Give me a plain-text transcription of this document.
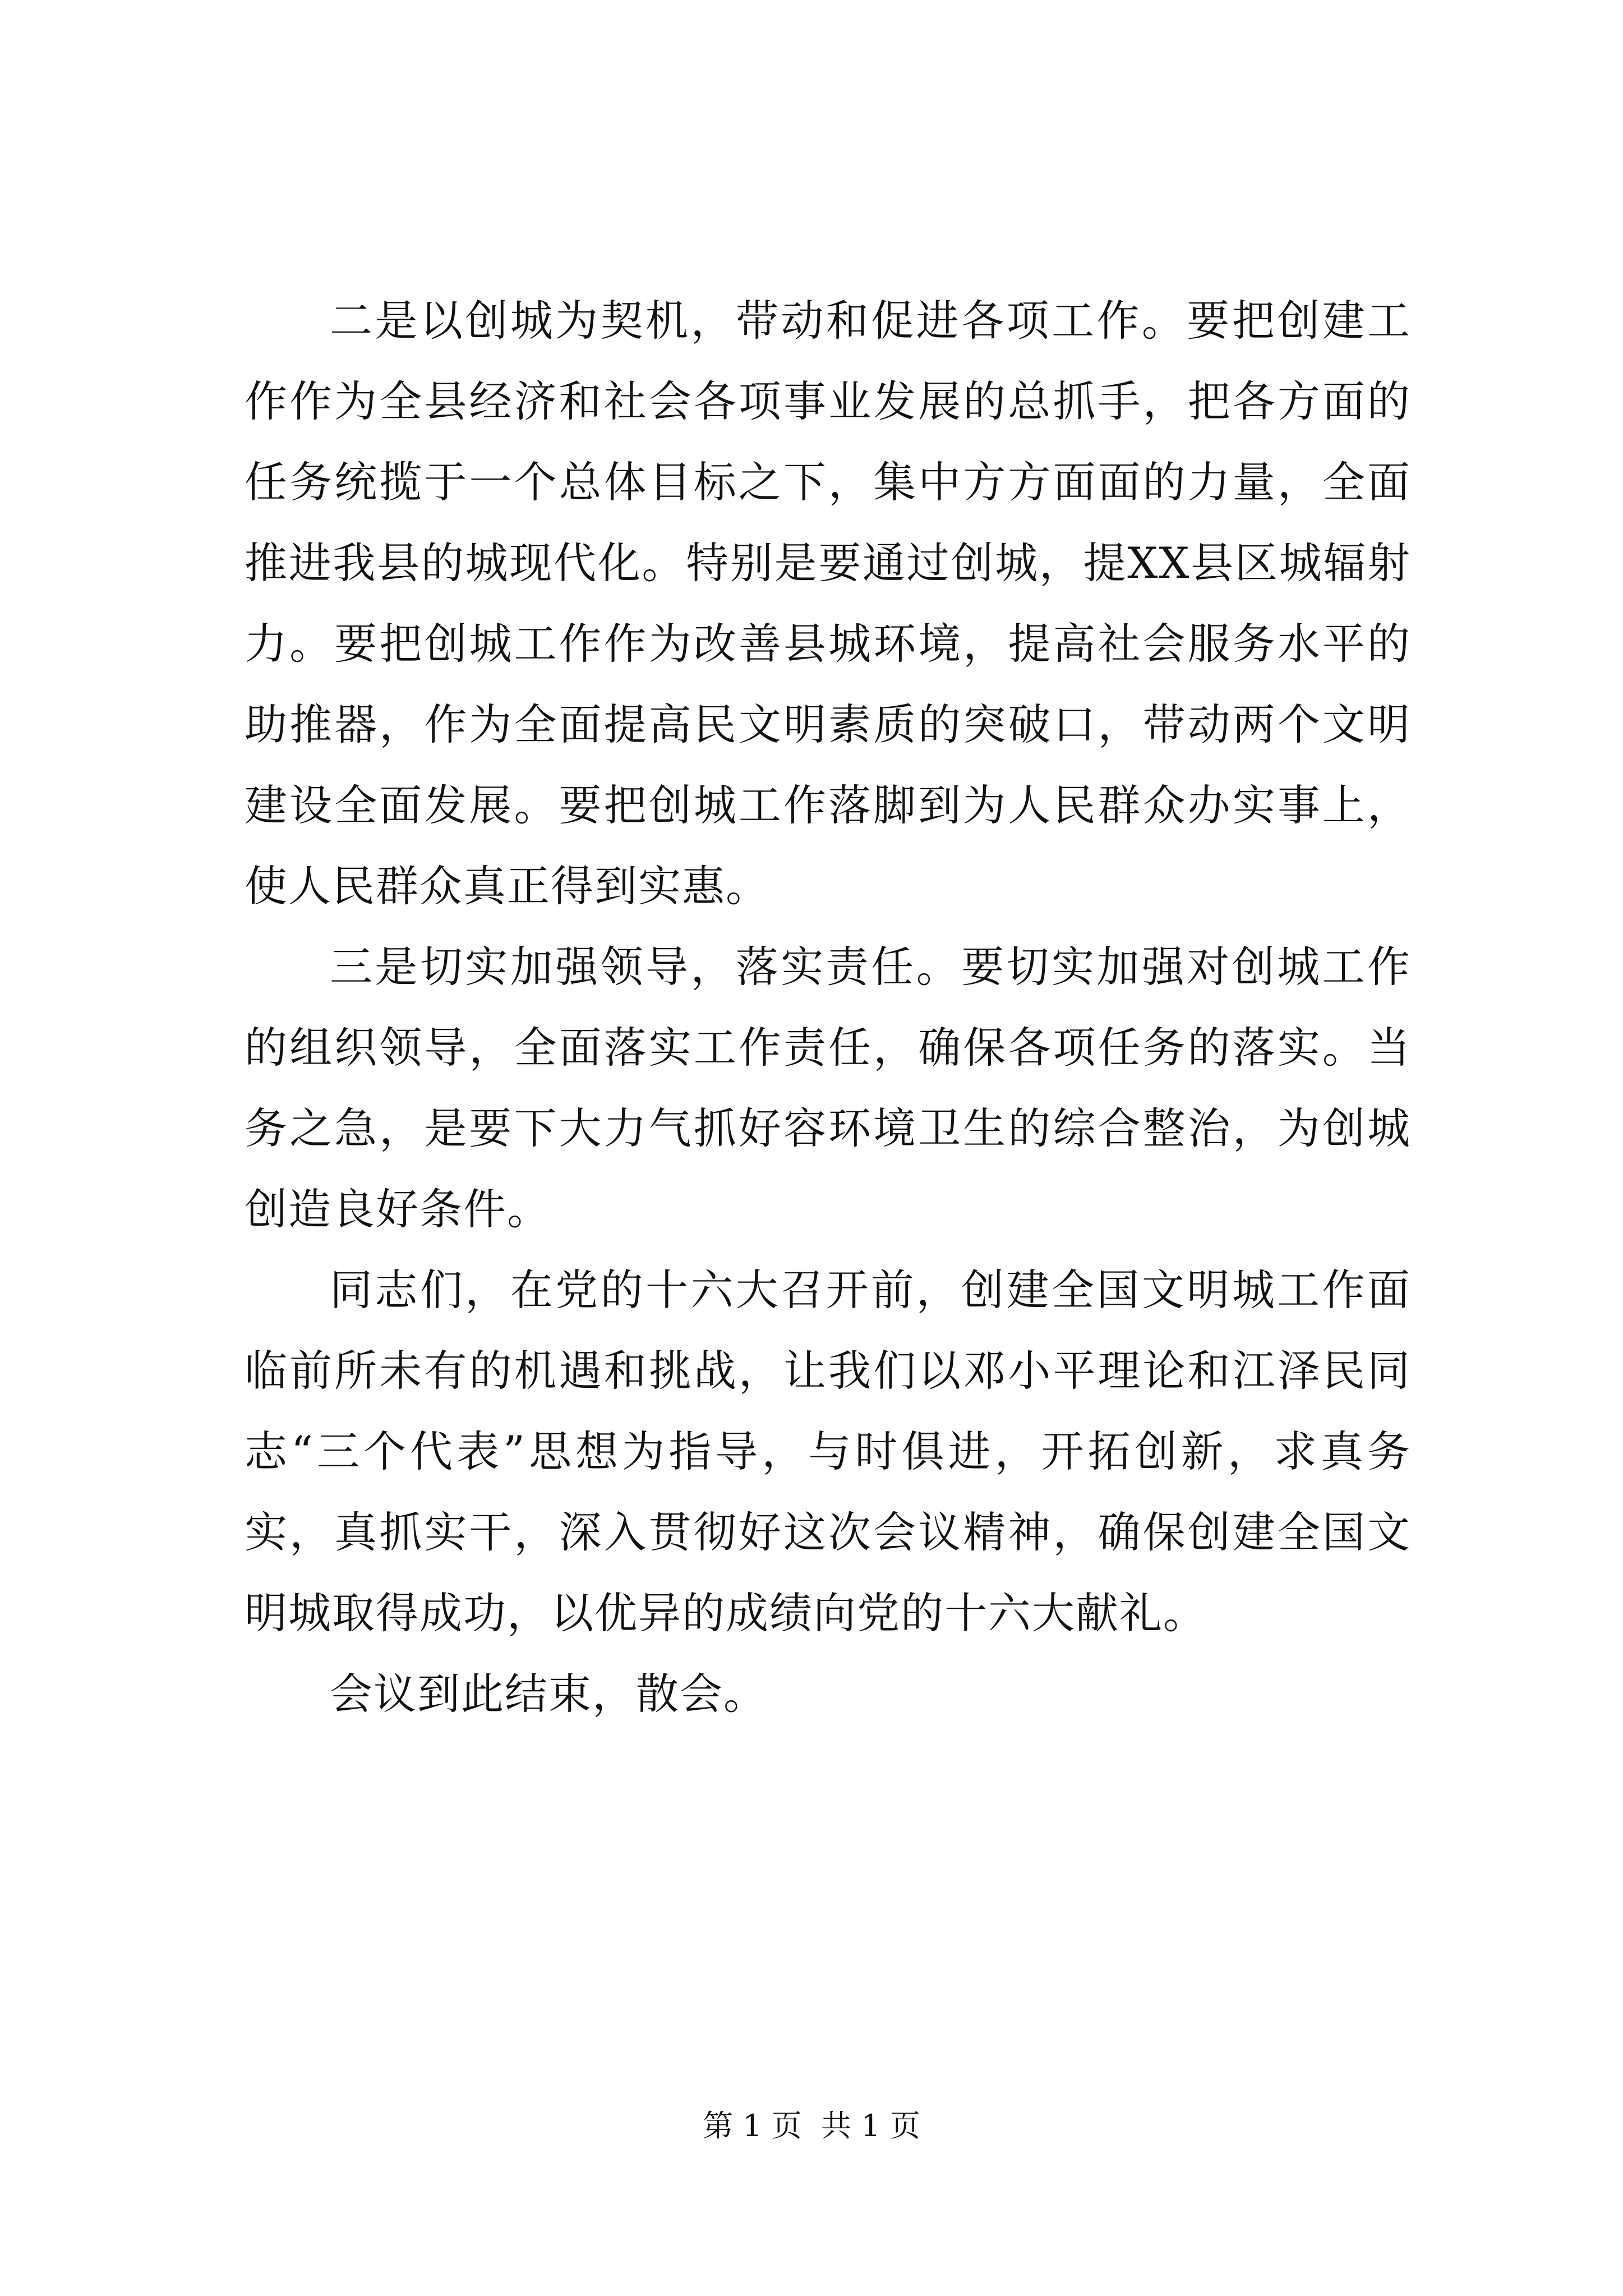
二是以创城为契机，带动和促进各项工作。要把创建工作作为全县经济和社会各项事业发展的总抓手，把各方面的任务统揽于一个总体目标之下，集中方方面面的力量，全面推进我县的城现代化。特别是要通过创城，提XX县区城辐射力。要把创城工作作为改善县城环境，提高社会服务水平的助推器，作为全面提高民文明素质的突破口，带动两个文明建设全面发展。要把创城工作落脚到为人民群众办实事上，使人民群众真正得到实惠。

三是切实加强领导，落实责任。要切实加强对创城工作的组织领导，全面落实工作责任，确保各项任务的落实。当务之急，是要下大力气抓好容环境卫生的综合整治，为创城创造良好条件。

同志们，在党的十六大召开前，创建全国文明城工作面临前所未有的机遇和挑战，让我们以邓小平理论和江泽民同志“三个代表”思想为指导，与时俱进，开拓创新，求真务实，真抓实干，深入贯彻好这次会议精神，确保创建全国文明城取得成功，以优异的成绩向党的十六大献礼。

会议到此结束，散会。

第 1 页  共 1 页
